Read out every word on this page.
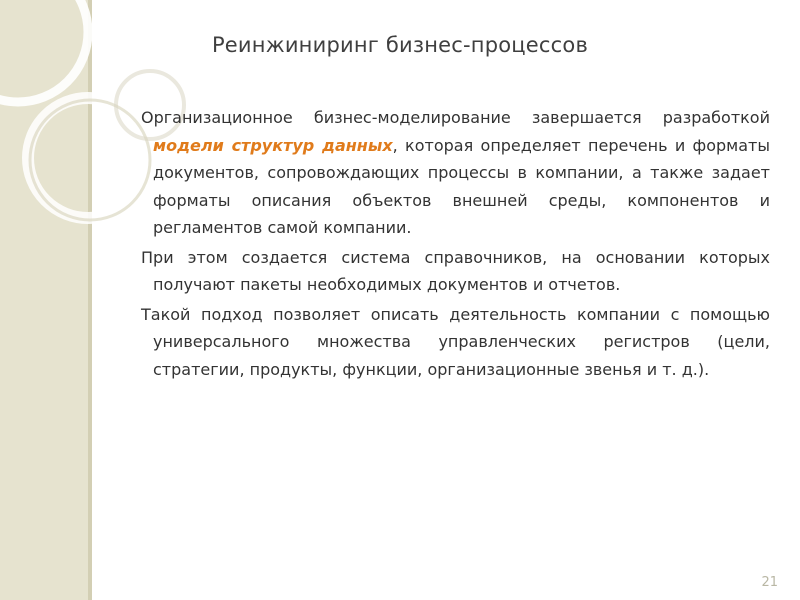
Реинжиниринг бизнес-процессов

Организационное бизнес-моделирование завершается разработкой модели структур данных, которая определяет перечень и форматы документов, сопровождающих процессы в компании, а также задает форматы описания объектов внешней среды, компонентов и регламентов самой компании.

При этом создается система справочников, на основании которых получают пакеты необходимых документов и отчетов.

Такой подход позволяет описать деятельность компании с помощью универсального множества управленческих регистров (цели, стратегии, продукты, функции, организационные звенья и т. д.).

21
